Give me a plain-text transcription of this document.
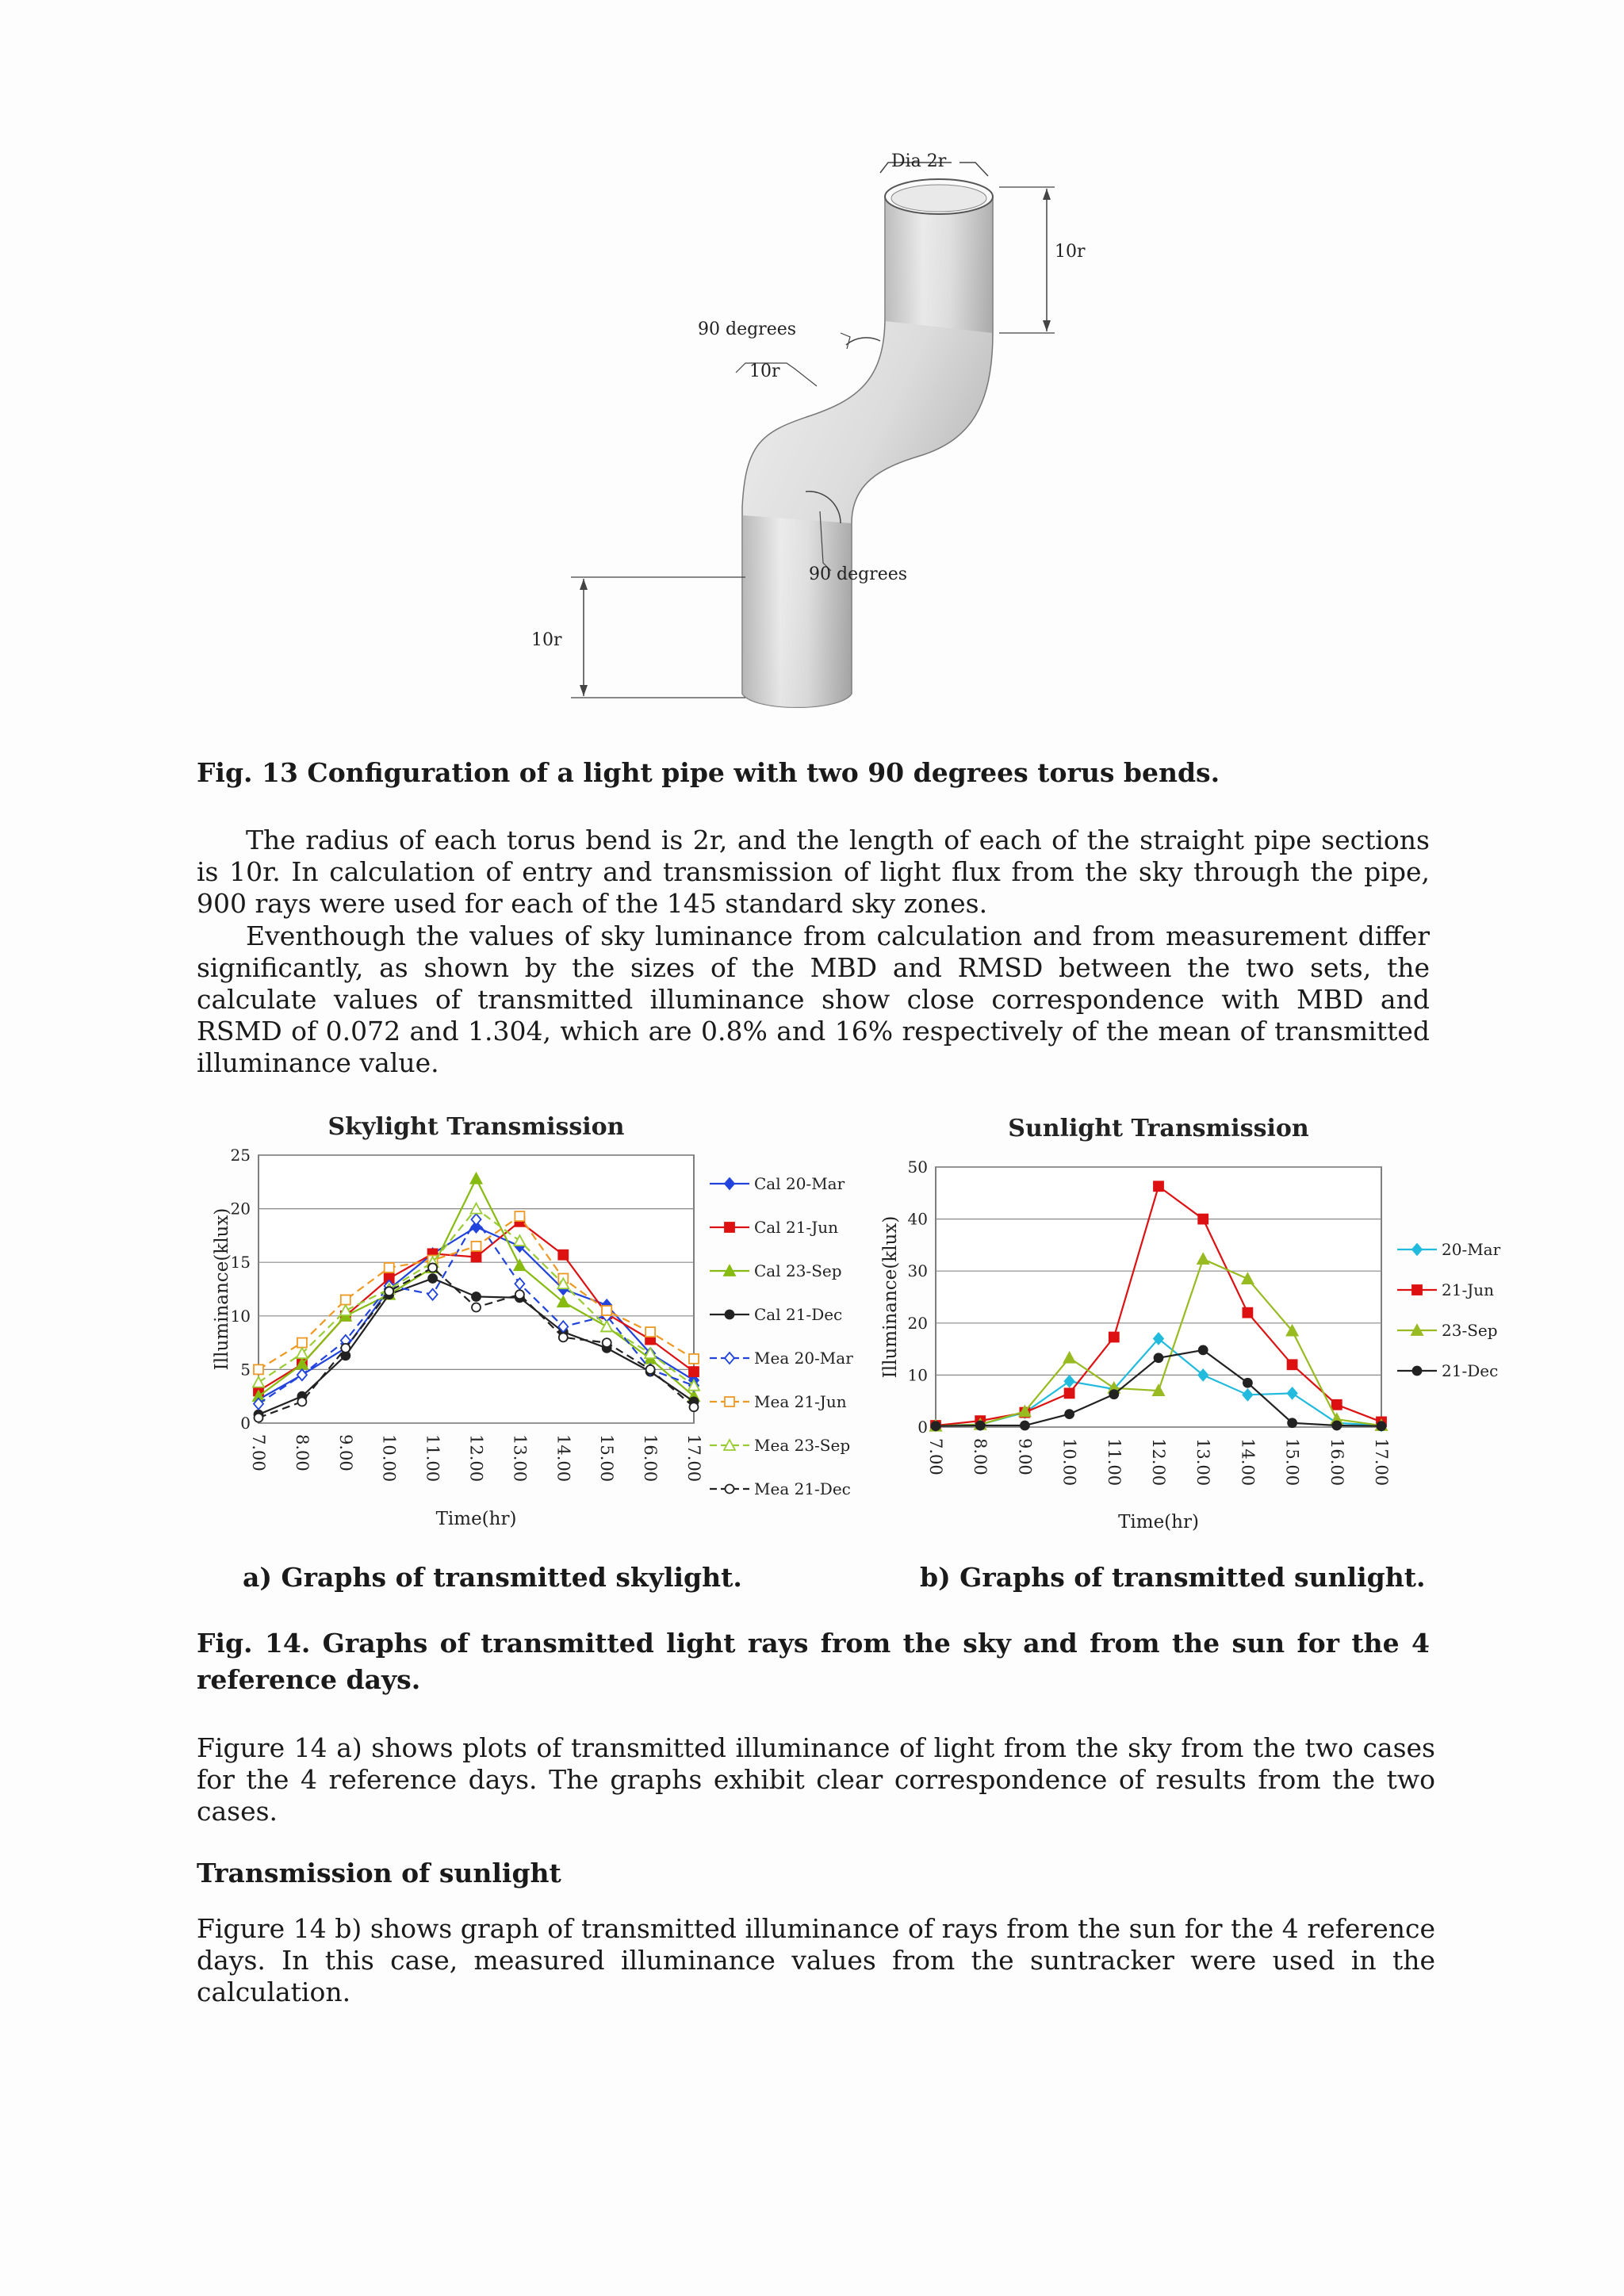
Dia 2r
10r
90 degrees
10r
90 degrees
10r
Fig. 13 Configuration of a light pipe with two 90 degrees torus bends.

The radius of each torus bend is 2r, and the length of each of the straight pipe sections is 10r. In calculation of entry and transmission of light flux from the sky through the pipe, 900 rays were used for each of the 145 standard sky zones.

Eventhough the values of sky luminance from calculation and from measurement differ significantly, as shown by the sizes of the MBD and RMSD between the two sets, the calculate values of transmitted illuminance show close correspondence with MBD and RSMD of 0.072 and 1.304, which are 0.8% and 16% respectively of the mean of transmitted illuminance value.

Skylight Transmission
0
5
10
15
20
25
7.00 8.00 9.00 10.00 11.00 12.00 13.00 14.00 15.00 16.00 17.00
Time(hr)
Illuminance(klux)
Cal 20-Mar
Cal 21-Jun
Cal 23-Sep
Cal 21-Dec
Mea 20-Mar
Mea 21-Jun
Mea 23-Sep
Mea 21-Dec
Sunlight Transmission
0
10
20
30
40
50
7.00 8.00 9.00 10.00 11.00 12.00 13.00 14.00 15.00 16.00 17.00
Time(hr)
Illuminance(klux)	20-Mar
21-Jun
23-Sep
21-Dec
a) Graphs of transmitted skylight.	b) Graphs of transmitted sunlight.

Fig. 14. Graphs of transmitted light rays from the sky and from the sun for the 4 reference days.

Figure 14 a) shows plots of transmitted illuminance of light from the sky from the two cases for the 4 reference days. The graphs exhibit clear correspondence of results from the two cases.

Transmission of sunlight

Figure 14 b) shows graph of transmitted illuminance of rays from the sun for the 4 reference days. In this case, measured illuminance values from the suntracker were used in the calculation.
